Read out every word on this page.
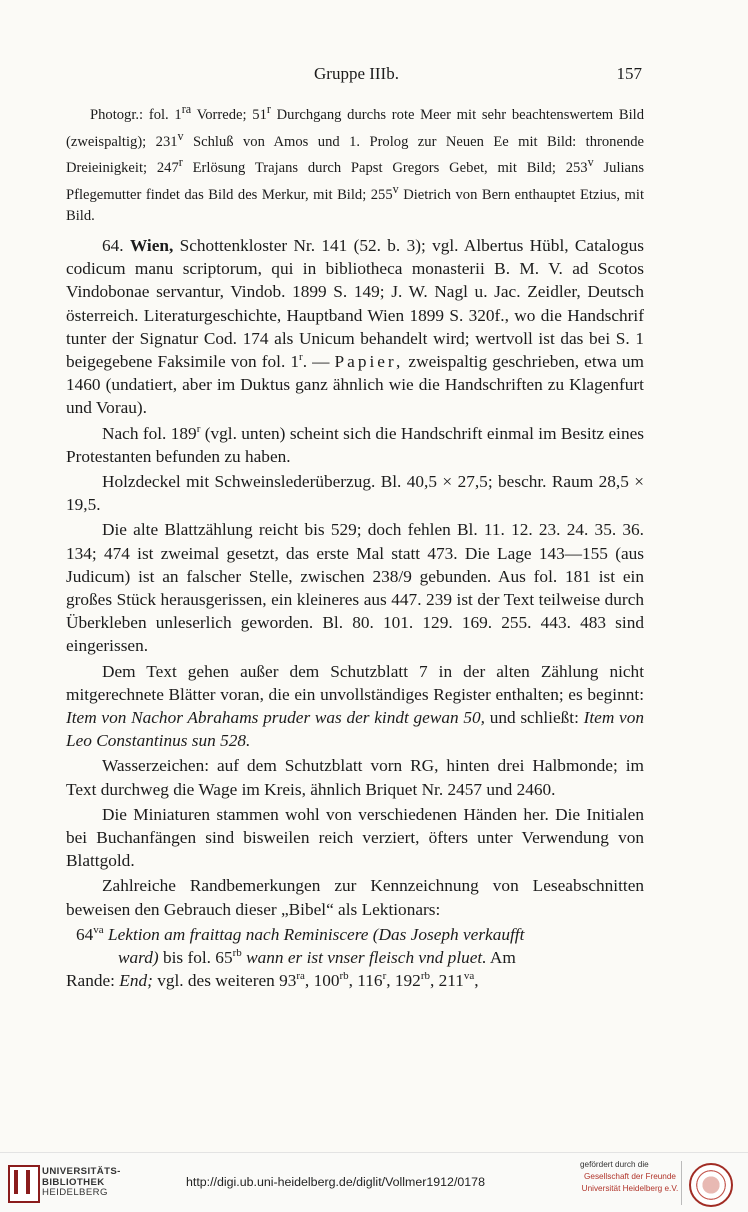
Gruppe IIIb.	157

Photogr.: fol. $1^{ra}$ Vorrede; 51$^r$ Durchgang durchs rote Meer mit sehr beachtenswertem Bild (zweispaltig); 231$^v$ Schluß von Amos und 1. Prolog zur Neuen Ee mit Bild: thronende Dreieinigkeit; 247$^r$ Erlösung Trajans durch Papst Gregors Gebet, mit Bild; 253$^v$ Julians Pflegemutter findet das Bild des Merkur, mit Bild; 255$^v$ Dietrich von Bern enthauptet Etzius, mit Bild.

64. Wien, Schottenkloster Nr. 141 (52. b. 3); vgl. Albertus Hübl, Catalogus codicum manu scriptorum, qui in bibliotheca monasterii B. M. V. ad Scotos Vindobonae servantur, Vindob. 1899 S. 149; J. W. Nagl u. Jac. Zeidler, Deutsch österreich. Literaturgeschichte, Hauptband Wien 1899 S. 320f., wo die Handschrif tunter der Signatur Cod. 174 als Unicum behandelt wird; wertvoll ist das bei S. 1 beigegebene Faksimile von fol. 1$^r$. — Papier, zweispaltig geschrieben, etwa um 1460 (undatiert, aber im Duktus ganz ähnlich wie die Handschriften zu Klagenfurt und Vorau).

Nach fol. 189$^r$ (vgl. unten) scheint sich die Handschrift einmal im Besitz eines Protestanten befunden zu haben.

Holzdeckel mit Schweinslederüberzug. Bl. 40,5 × 27,5; beschr. Raum 28,5 × 19,5.

Die alte Blattzählung reicht bis 529; doch fehlen Bl. 11. 12. 23. 24. 35. 36. 134; 474 ist zweimal gesetzt, das erste Mal statt 473. Die Lage 143—155 (aus Judicum) ist an falscher Stelle, zwischen 238/9 gebunden. Aus fol. 181 ist ein großes Stück herausgerissen, ein kleineres aus 447. 239 ist der Text teilweise durch Überkleben unleserlich geworden. Bl. 80. 101. 129. 169. 255. 443. 483 sind eingerissen.

Dem Text gehen außer dem Schutzblatt 7 in der alten Zählung nicht mitgerechnete Blätter voran, die ein unvollständiges Register enthalten; es beginnt: Item von Nachor Abrahams pruder was der kindt gewan 50, und schließt: Item von Leo Constantinus sun 528.

Wasserzeichen: auf dem Schutzblatt vorn RG, hinten drei Halbmonde; im Text durchweg die Wage im Kreis, ähnlich Briquet Nr. 2457 und 2460.

Die Miniaturen stammen wohl von verschiedenen Händen her. Die Initialen bei Buchanfängen sind bisweilen reich verziert, öfters unter Verwendung von Blattgold.

Zahlreiche Randbemerkungen zur Kennzeichnung von Leseabschnitten beweisen den Gebrauch dieser „Bibel“ als Lektionars:

$64^{va}$ Lektion am fraittag nach Reminiscere (Das Joseph verkaufft
ward) bis fol. $65^{rb}$ wann er ist vnser fleisch vnd pluet. Am
Rande: End; vgl. des weiteren $93^{ra}$, $100^{rb}$, 116$^r$, $192^{rb}$, $211^{va}$,

UNIVERSITÄTS-
BIBLIOTHEK
HEIDELBERG
http://digi.ub.uni-heidelberg.de/diglit/Vollmer1912/0178
gefördert durch die
Gesellschaft der Freunde
Universität Heidelberg e.V.
